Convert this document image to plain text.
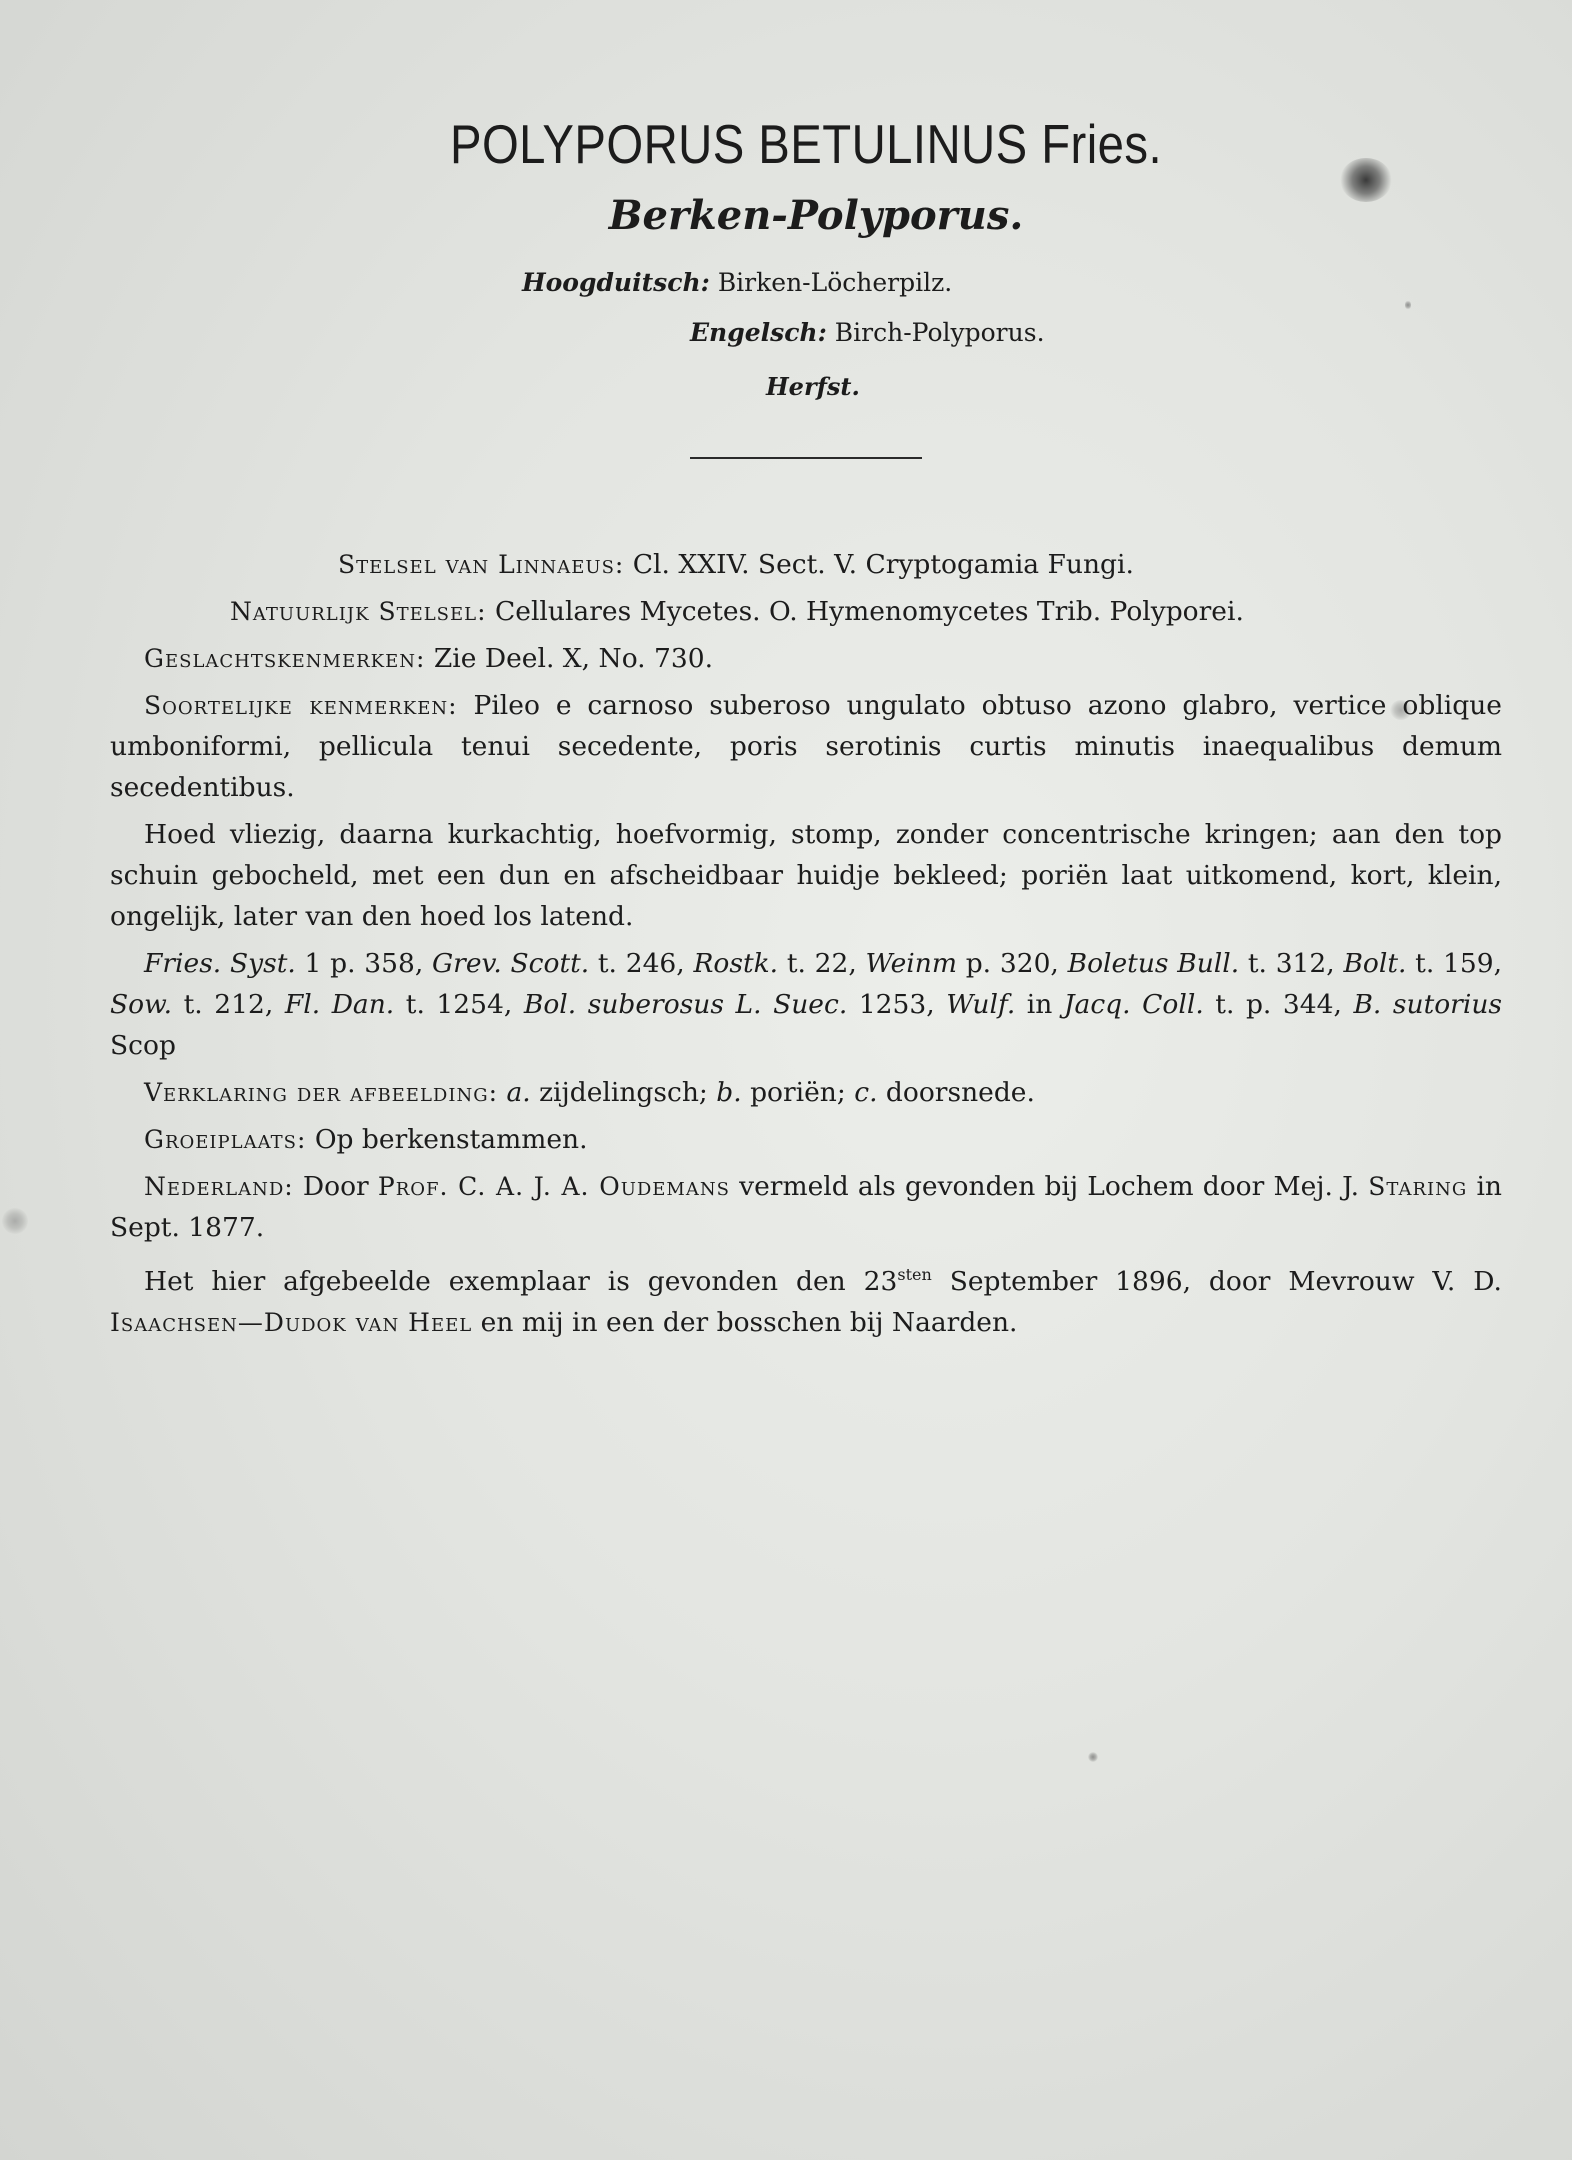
POLYPORUS BETULINUS Fries.
Berken-Polyporus.
Hoogduitsch: Birken-Löcherpilz.
Engelsch: Birch-Polyporus.
Herfst.

Stelsel van Linnaeus: Cl. XXIV. Sect. V. Cryptogamia Fungi.

Natuurlijk Stelsel: Cellulares Mycetes. O. Hymenomycetes Trib. Polyporei.

Geslachtskenmerken: Zie Deel. X, No. 730.

Soortelijke kenmerken: Pileo e carnoso suberoso ungulato obtuso azono glabro, vertice oblique umboniformi, pellicula tenui secedente, poris serotinis curtis minutis inaequalibus demum secedentibus.

Hoed vliezig, daarna kurkachtig, hoefvormig, stomp, zonder concentrische kringen; aan den top schuin gebocheld, met een dun en afscheidbaar huidje bekleed; poriën laat uitkomend, kort, klein, ongelijk, later van den hoed los latend.

Fries. Syst. 1 p. 358, Grev. Scott. t. 246, Rostk. t. 22, Weinm p. 320, Boletus Bull. t. 312, Bolt. t. 159, Sow. t. 212, Fl. Dan. t. 1254, Bol. suberosus L. Suec. 1253, Wulf. in Jacq. Coll. t. p. 344, B. sutorius Scop

Verklaring der afbeelding: a. zijdelingsch; b. poriën; c. doorsnede.

Groeiplaats: Op berkenstammen.

Nederland: Door Prof. C. A. J. A. Oudemans vermeld als gevonden bij Lochem door Mej. J. Staring in Sept. 1877.

Het hier afgebeelde exemplaar is gevonden den $23^{sten}$ September 1896, door Mevrouw V. D. Isaachsen—Dudok van Heel en mij in een der bosschen bij Naarden.
